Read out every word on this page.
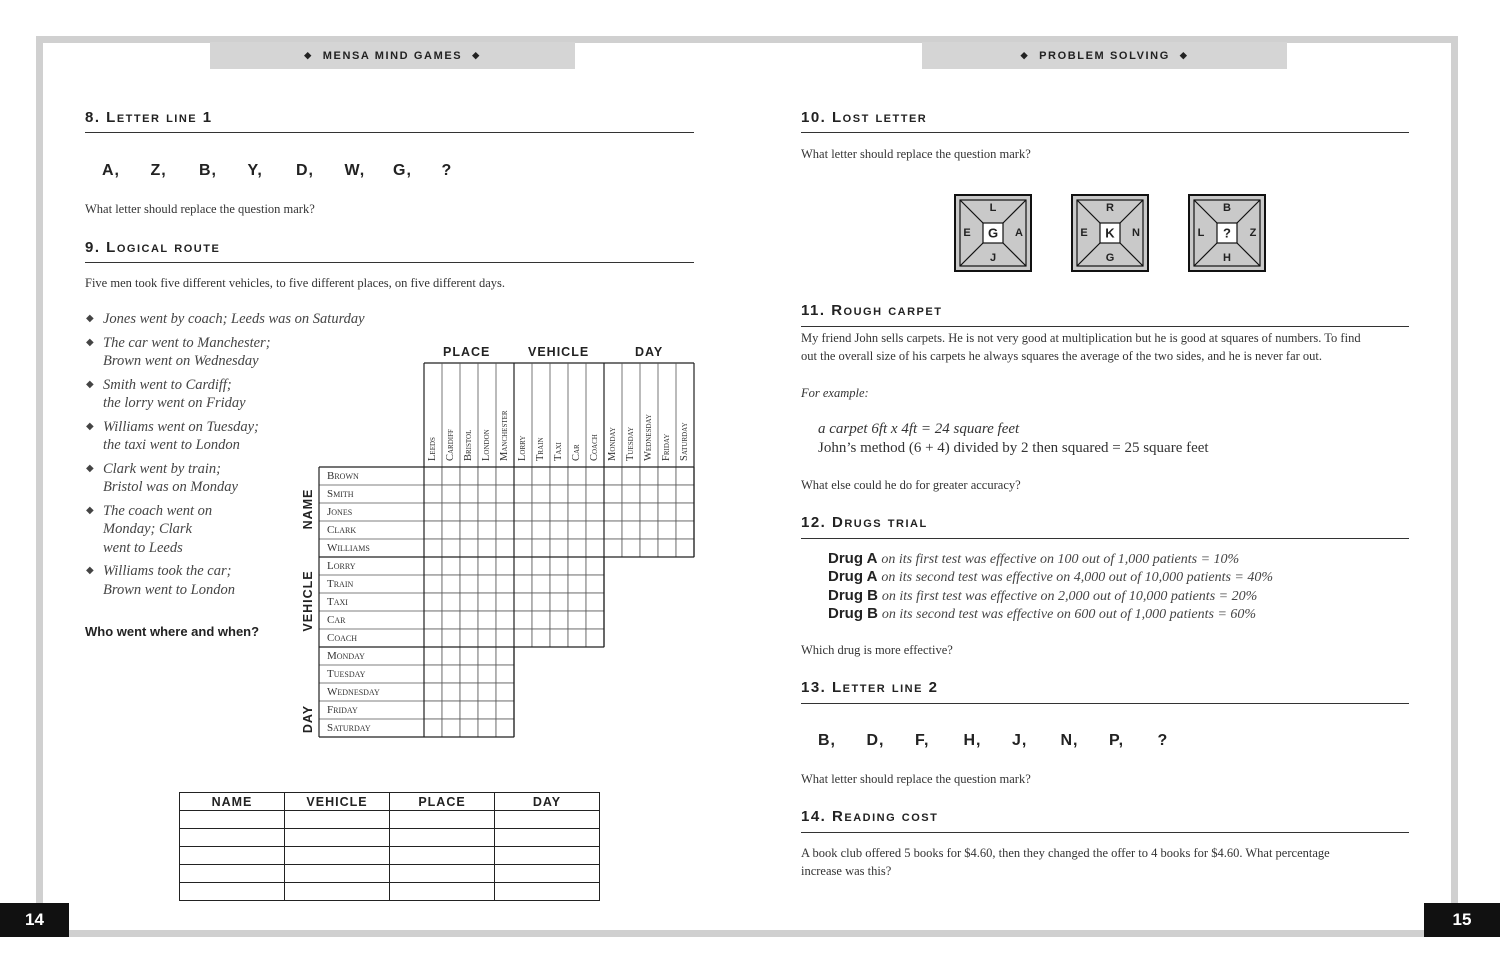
◆ MENSA MIND GAMES ◆	◆ PROBLEM SOLVING ◆
14	15
8. Letter line 1
A,	Z,	B,	Y,	D,	W,	G,	?
What letter should replace the question mark?
9. Logical route
Five men took five different vehicles, to five different places, on five different days.
◆ Jones went by coach; Leeds was on Saturday
◆ The car went to Manchester;
Brown went on Wednesday
◆ Smith went to Cardiff;
the lorry went on Friday
◆ Williams went on Tuesday;
the taxi went to London
◆ Clark went by train;
Bristol was on Monday
◆ The coach went on
Monday; Clark
went to Leeds
◆ Williams took the car;
Brown went to London
Who went where and when?
PLACE	VEHICLE	DAY
NAME
VEHICLE
DAY
Leeds Cardiff Bristol London Manchester Lorry Train Taxi Car Coach Monday Tuesday Wednesday Friday Saturday
Brown
Smith
Jones
Clark
Williams
Lorry
Train
Taxi
Car
Coach
Monday
Tuesday
Wednesday
Friday
Saturday
NAME	VEHICLE	PLACE	DAY

10. Lost letter
What letter should replace the question mark?
L
E G A
J
R
E K N
G
B
L ? Z
H
11. Rough carpet
My friend John sells carpets. He is not very good at multiplication but he is good at squares of numbers. To find
out the overall size of his carpets he always squares the average of the two sides, and he is never far out.
For example:
a carpet 6ft x 4ft = 24 square feet
John’s method (6 + 4) divided by 2 then squared = 25 square feet
What else could he do for greater accuracy?
12. Drugs trial
Drug A on its first test was effective on 100 out of 1,000 patients = 10%
Drug A on its second test was effective on 4,000 out of 10,000 patients = 40%
Drug B on its first test was effective on 2,000 out of 10,000 patients = 20%
Drug B on its second test was effective on 600 out of 1,000 patients = 60%
Which drug is more effective?
13. Letter line 2
B,	D,	F,	H,	J,	N,	P,	?
What letter should replace the question mark?
14. Reading cost
A book club offered 5 books for $4.60, then they changed the offer to 4 books for $4.60. What percentage
increase was this?
